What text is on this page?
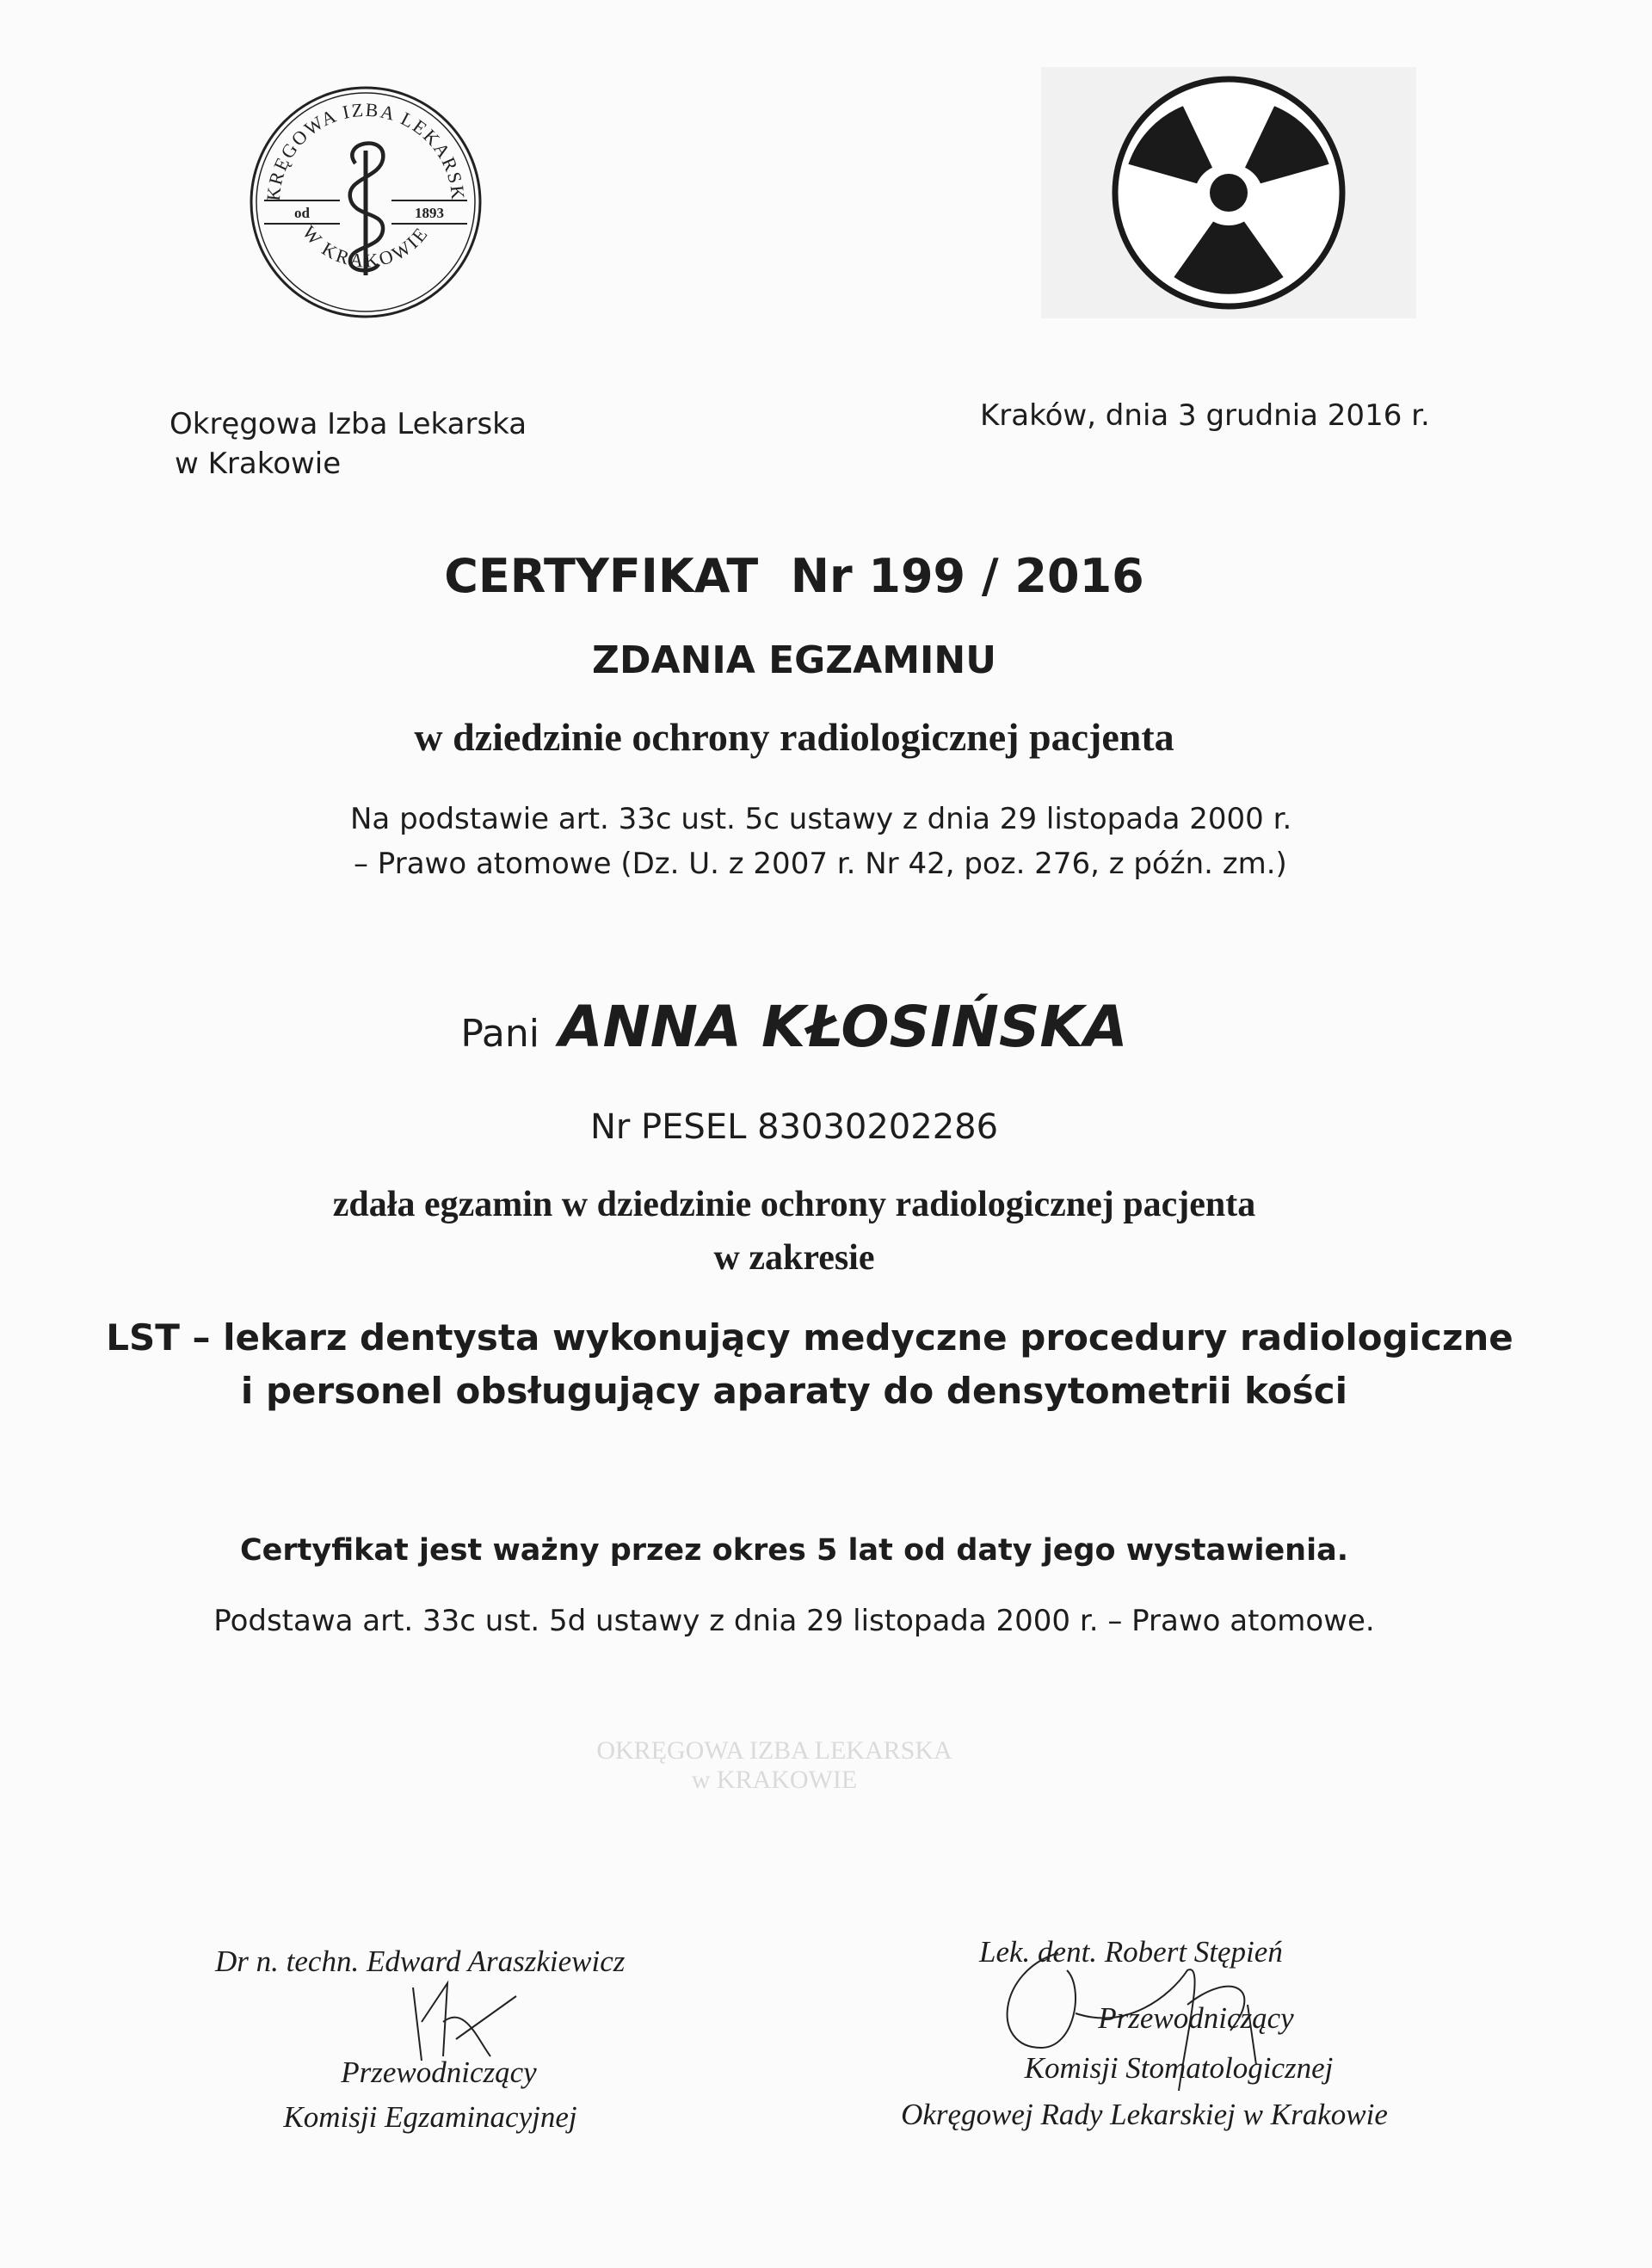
KRĘGOWA IZBA LEKARSK
W KRAKOWIE
od	1893
Okręgowa Izba Lekarska
w Krakowie
Kraków, dnia 3 grudnia 2016 r.
CERTYFIKAT  Nr 199 / 2016
ZDANIA EGZAMINU
w dziedzinie ochrony radiologicznej pacjenta
Na podstawie art. 33c ust. 5c ustawy z dnia 29 listopada 2000 r.
– Prawo atomowe (Dz. U. z 2007 r. Nr 42, poz. 276, z późn. zm.)
Pani ANNA KŁOSIŃSKA
Nr PESEL 83030202286
zdała egzamin w dziedzinie ochrony radiologicznej pacjenta
w zakresie
LST – lekarz dentysta wykonujący medyczne procedury radiologiczne
i personel obsługujący aparaty do densytometrii kości
Certyfikat jest ważny przez okres 5 lat od daty jego wystawienia.
Podstawa art. 33c ust. 5d ustawy z dnia 29 listopada 2000 r. – Prawo atomowe.
OKRĘGOWA IZBA LEKARSKA
w KRAKOWIE
Dr n. techn. Edward Araszkiewicz
Przewodniczący
Komisji Egzaminacyjnej
Lek. dent. Robert Stępień
Przewodniczący
Komisji Stomatologicznej
Okręgowej Rady Lekarskiej w Krakowie
